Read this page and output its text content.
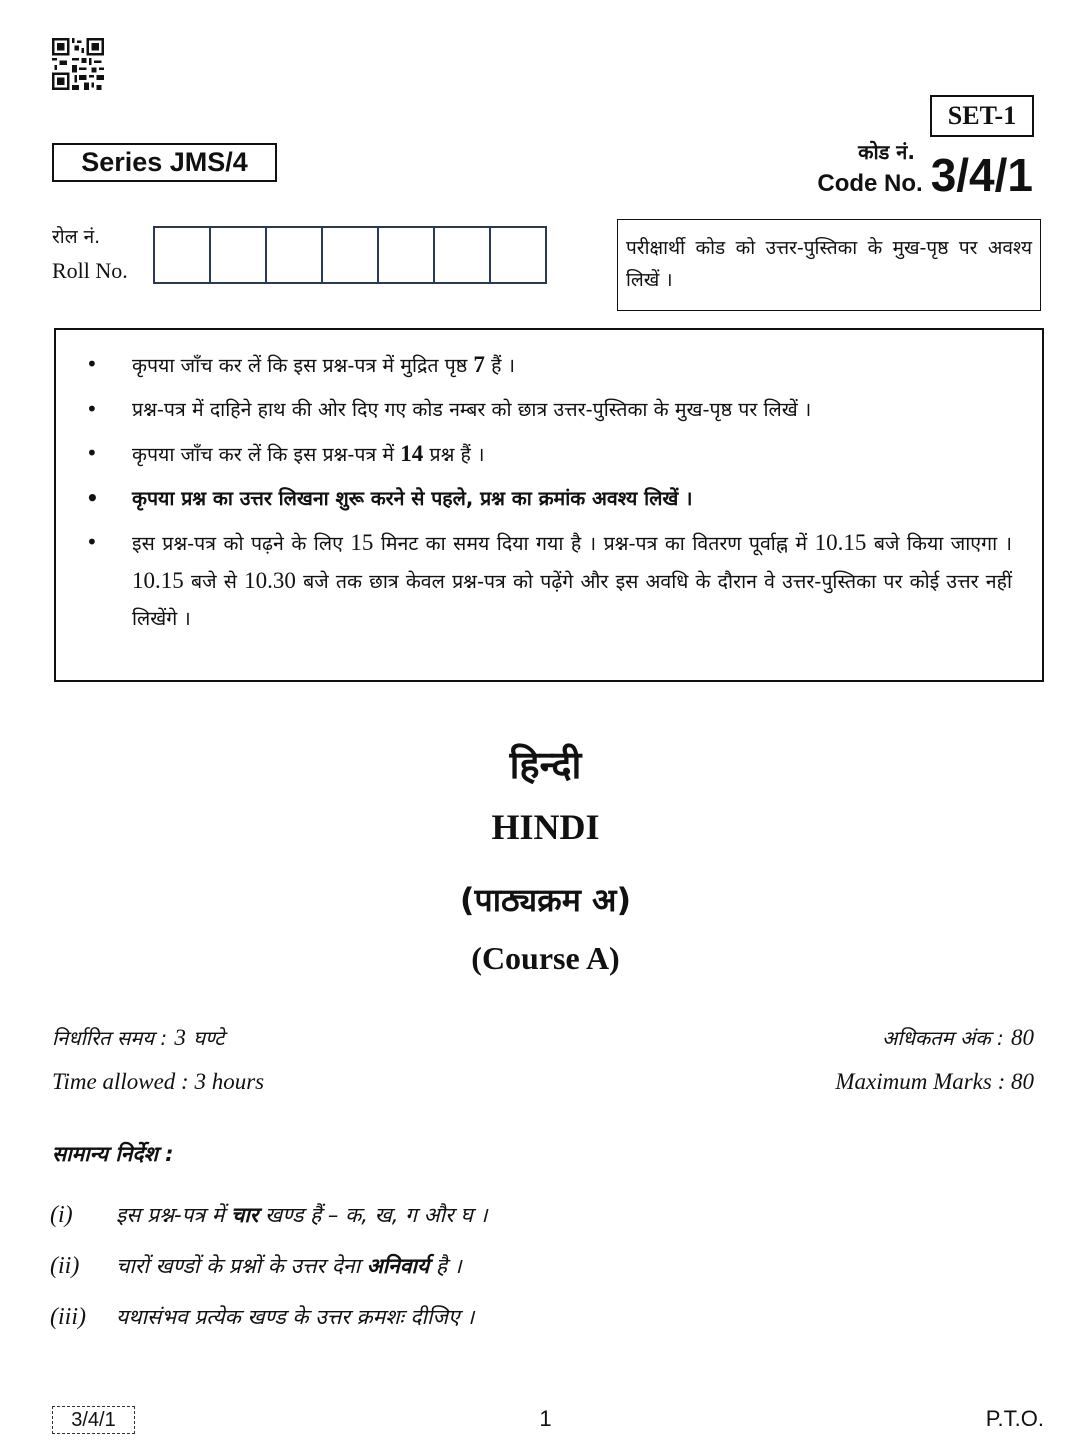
SET-1
Series JMS/4	कोड नं.
Code No. 3/4/1
रोल नं.
Roll No.
परीक्षार्थी कोड को उत्तर-पुस्तिका के मुख-पृष्ठ पर अवश्य लिखें ।
• कृपया जाँच कर लें कि इस प्रश्न-पत्र में मुद्रित पृष्ठ 7 हैं ।
• प्रश्न-पत्र में दाहिने हाथ की ओर दिए गए कोड नम्बर को छात्र उत्तर-पुस्तिका के मुख-पृष्ठ पर लिखें ।
• कृपया जाँच कर लें कि इस प्रश्न-पत्र में 14 प्रश्न हैं ।
• कृपया प्रश्न का उत्तर लिखना शुरू करने से पहले, प्रश्न का क्रमांक अवश्य लिखें ।
• इस प्रश्न-पत्र को पढ़ने के लिए 15 मिनट का समय दिया गया है । प्रश्न-पत्र का वितरण पूर्वाह्न में 10.15 बजे किया जाएगा । 10.15 बजे से 10.30 बजे तक छात्र केवल प्रश्न-पत्र को पढ़ेंगे और इस अवधि के दौरान वे उत्तर-पुस्तिका पर कोई उत्तर नहीं लिखेंगे ।
हिन्दी
HINDI
(पाठ्यक्रम अ)
(Course A)
निर्धारित समय : 3 घण्टे
Time allowed : 3 hours
अधिकतम अंक : 80
Maximum Marks : 80
सामान्य निर्देश :
(i)	इस प्रश्न-पत्र में चार खण्ड हैं – क, ख, ग और घ ।
(ii)	चारों खण्डों के प्रश्नों के उत्तर देना अनिवार्य है ।
(iii)	यथासंभव प्रत्येक खण्ड के उत्तर क्रमशः दीजिए ।
3/4/1	1	P.T.O.
